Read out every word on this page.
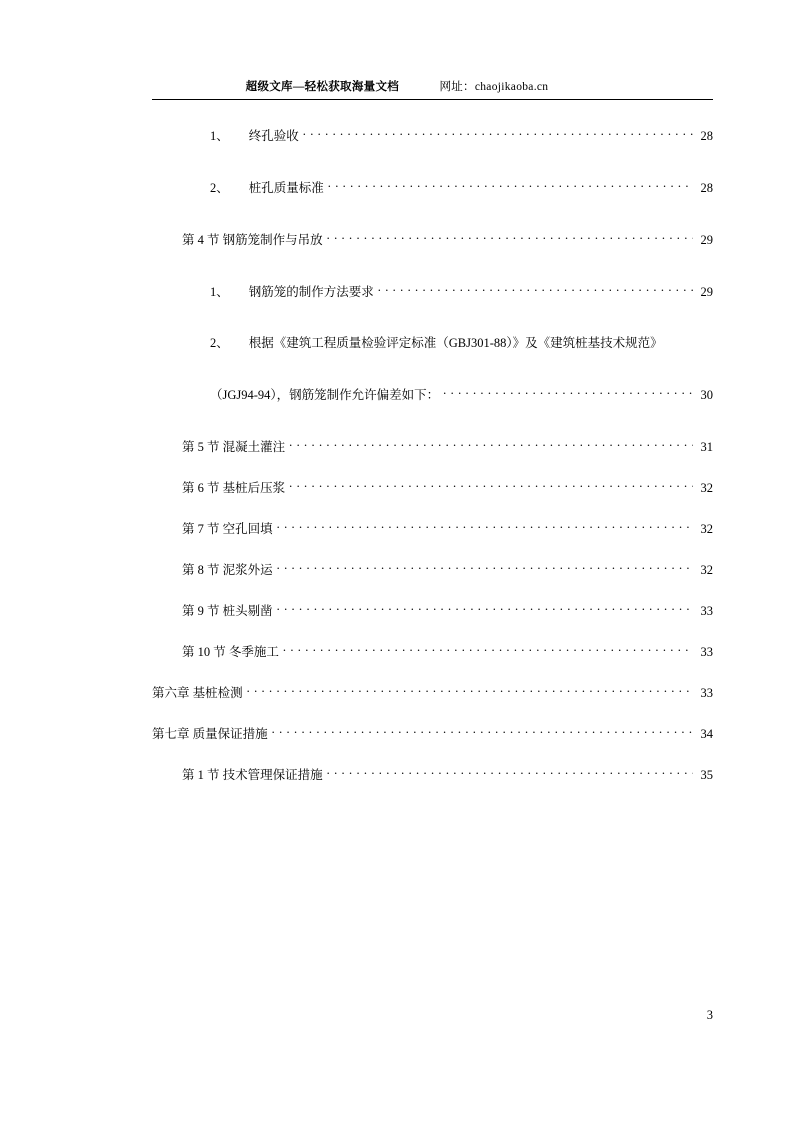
超级文库—轻松获取海量文档	网址：chaojikaoba.cn
1、 终孔验收 . . .	28
2、 桩孔质量标准 . . .	28
第 4 节 钢筋笼制作与吊放 . . .	29
1、 钢筋笼的制作方法要求 . . .	29
2、 根据《建筑工程质量检验评定标准（GBJ301-88）》及《建筑桩基技术规范》
（JGJ94-94），钢筋笼制作允许偏差如下： . . .	30
第 5 节 混凝土灌注 . . .	31
第 6 节 基桩后压浆 . . .	32
第 7 节 空孔回填 . . .	32
第 8 节 泥浆外运 . . .	32
第 9 节 桩头剔凿 . . .	33
第 10 节 冬季施工 . . .	33
第六章 基桩检测 . . .	33
第七章 质量保证措施 . . .	34
第 1 节 技术管理保证措施 . . .	35
3
